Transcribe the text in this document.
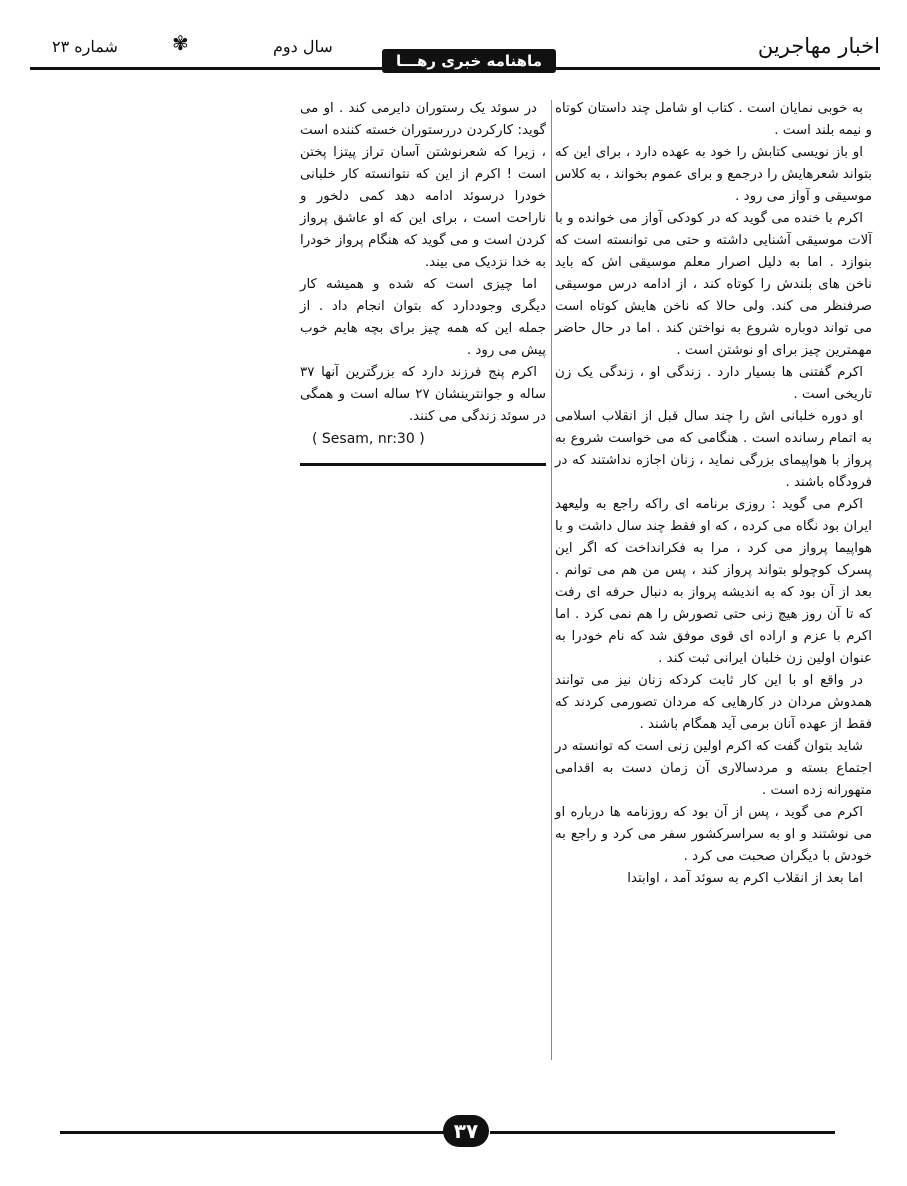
اخبار مهاجرين
سال دوم
✾
شماره ۲۳
ماهنامه خبری رهـــا

به خوبی نمایان است . کتاب او شامل چند داستان کوتاه و نیمه بلند است .

او باز نویسی کتابش را خود به عهده دارد ، برای این که بتواند شعرهایش را درجمع و برای عموم بخواند ، به کلاس موسیقی و آواز می رود .

اکرم با خنده می گوید که در کودکی آواز می خوانده و با آلات موسیقی آشنایی داشته و حتی می توانسته است که بنوازد . اما به دلیل اصرار معلم موسیقی اش که باید ناخن های بلندش را کوتاه کند ، از ادامه درس موسیقی صرفنظر می کند. ولی حالا که ناخن هایش کوتاه است می تواند دوباره شروع به نواختن کند . اما در حال حاضر مهمترین چیز برای او نوشتن است .

اکرم گفتنی ها بسیار دارد . زندگی او ، زندگی یک زن تاریخی است .

او دوره خلبانی اش را چند سال قبل از انقلاب اسلامی به اتمام رسانده است . هنگامی که می خواست شروع به پرواز با هواپیمای بزرگی نماید ، زنان اجازه نداشتند که در فرودگاه باشند .

اکرم می گوید : روزی برنامه ای راکه راجع به ولیعهد ایران بود نگاه می کرده ، که او فقط چند سال داشت و با هواپیما پرواز می کرد ، مرا به فکرانداخت که اگر این پسرک کوچولو بتواند پرواز کند ، پس من هم می توانم . بعد از آن بود که به اندیشه پرواز به دنبال حرفه ای رفت که تا آن روز هیچ زنی حتی تصورش را هم نمی کرد . اما اکرم با عزم و اراده ای قوی موفق شد که نام خودرا به عنوان اولین زن خلبان ایرانی ثبت کند .

در واقع او با این کار ثابت کردکه زنان نیز می توانند همدوش مردان در کارهایی که مردان تصورمی کردند که فقط از عهده آنان برمی آید همگام باشند .

شاید بتوان گفت که اکرم اولین زنی است که توانسته در اجتماع بسته و مردسالاری آن زمان دست به اقدامی متهورانه زده است .

اکرم می گوید ، پس از آن بود که روزنامه ها درباره او می نوشتند و او به سراسرکشور سفر می کرد و راجع به خودش با دیگران صحبت می کرد .

اما بعد از انقلاب اکرم به سوئد آمد ، اوابتدا

در سوئد یک رستوران دایرمی کند . او می گوید: کارکردن دررستوران خسته کننده است ، زیرا که شعرنوشتن آسان تراز پیتزا پختن است ! اکرم از این که نتوانسته کار خلبانی خودرا درسوئد ادامه دهد کمی دلخور و ناراحت است ، برای این که او عاشق پرواز کردن است و می گوید که هنگام پرواز خودرا به خدا نزدیک می بیند.

اما چیزی است که شده و همیشه کار دیگری وجوددارد که بتوان انجام داد . از جمله این که همه چیز برای بچه هایم خوب پیش می رود .

اکرم پنج فرزند دارد که بزرگترین آنها ۳۷ ساله و جوانترینشان ۲۷ ساله است و همگی در سوئد زندگی می کنند.

( Sesam, nr:30 )
۳۷
